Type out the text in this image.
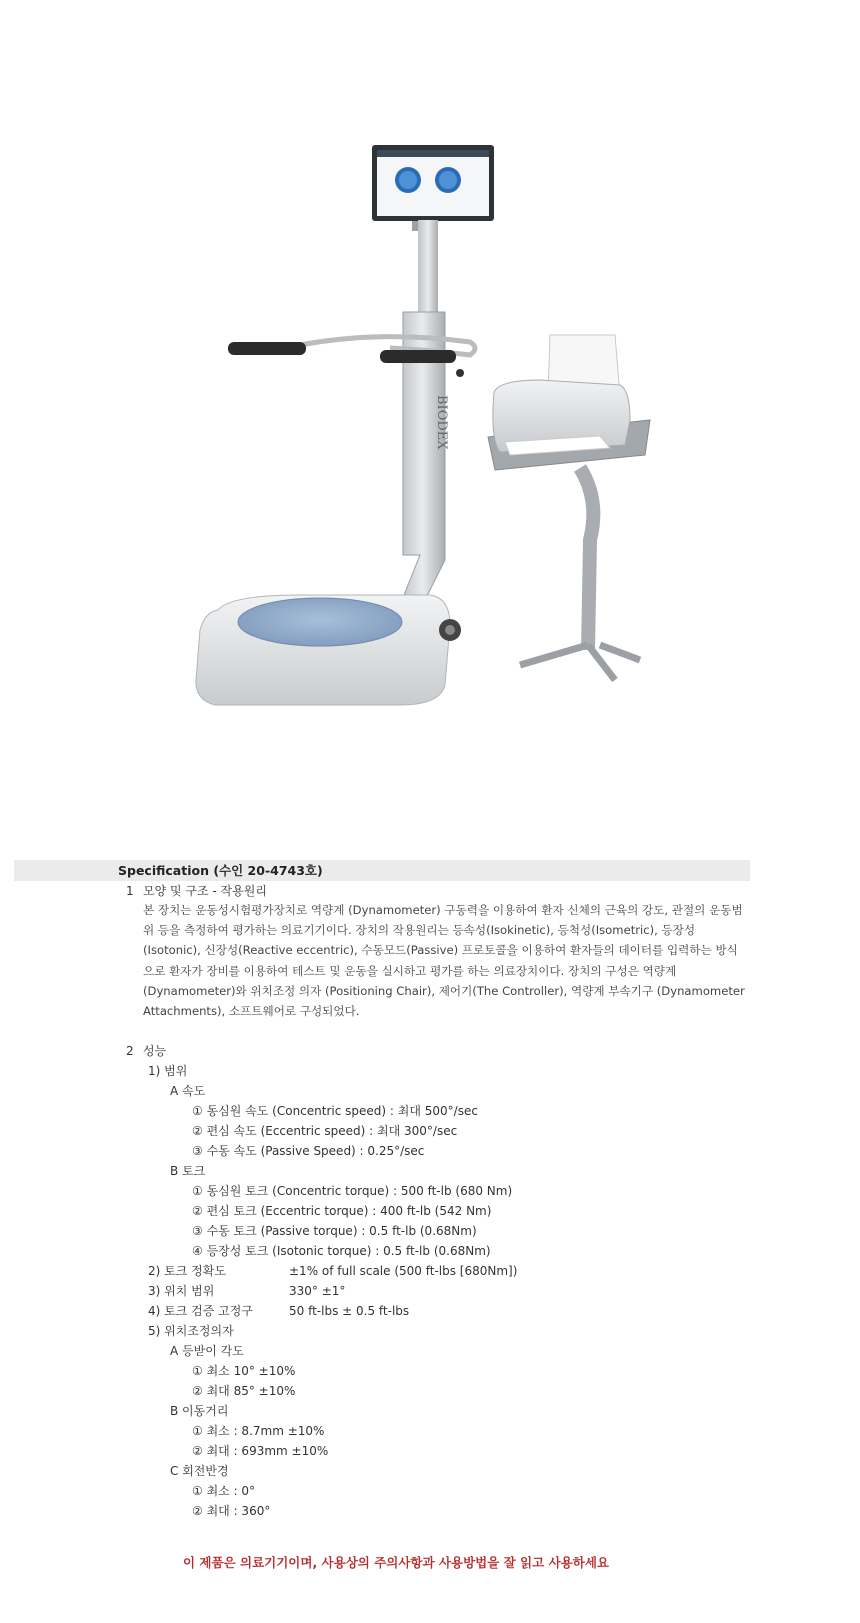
BIODEX
Specification (수인 20-4743호)
1 모양 및 구조 - 작용원리
본 장치는 운동성시험평가장치로 역량계 (Dynamometer) 구동력을 이용하여 환자 신체의 근육의 강도, 관절의 운동범
위 등을 측정하여 평가하는 의료기기이다. 장치의 작용원리는 등속성(Isokinetic), 등척성(Isometric), 등장성
(Isotonic), 신장성(Reactive eccentric), 수동모드(Passive) 프로토콜을 이용하여 환자들의 데이터를 입력하는 방식
으로 환자가 장비를 이용하여 테스트 및 운동을 실시하고 평가를 하는 의료장치이다. 장치의 구성은 역량계
(Dynamometer)와 위치조정 의자 (Positioning Chair), 제어기(The Controller), 역량계 부속기구 (Dynamometer
Attachments), 소프트웨어로 구성되었다.
2 성능
1) 범위
A 속도
① 동심원 속도 (Concentric speed) : 최대 500°/sec
② 편심 속도 (Eccentric speed) : 최대 300°/sec
③ 수동 속도 (Passive Speed) : 0.25°/sec
B 토크
① 동심원 토크 (Concentric torque) : 500 ft-lb (680 Nm)
② 편심 토크 (Eccentric torque) : 400 ft-lb (542 Nm)
③ 수동 토크 (Passive torque) : 0.5 ft-lb (0.68Nm)
④ 등장성 토크 (Isotonic torque) : 0.5 ft-lb (0.68Nm)
2) 토크 정확도	±1% of full scale (500 ft-lbs [680Nm])
3) 위치 범위	330° ±1°
4) 토크 검증 고정구	50 ft-lbs ± 0.5 ft-lbs
5) 위치조정의자
A 등받이 각도
① 최소 10° ±10%
② 최대 85° ±10%
B 이동거리
① 최소 : 8.7mm ±10%
② 최대 : 693mm ±10%
C 회전반경
① 최소 : 0°
② 최대 : 360°
이 제품은 의료기기이며, 사용상의 주의사항과 사용방법을 잘 읽고 사용하세요
